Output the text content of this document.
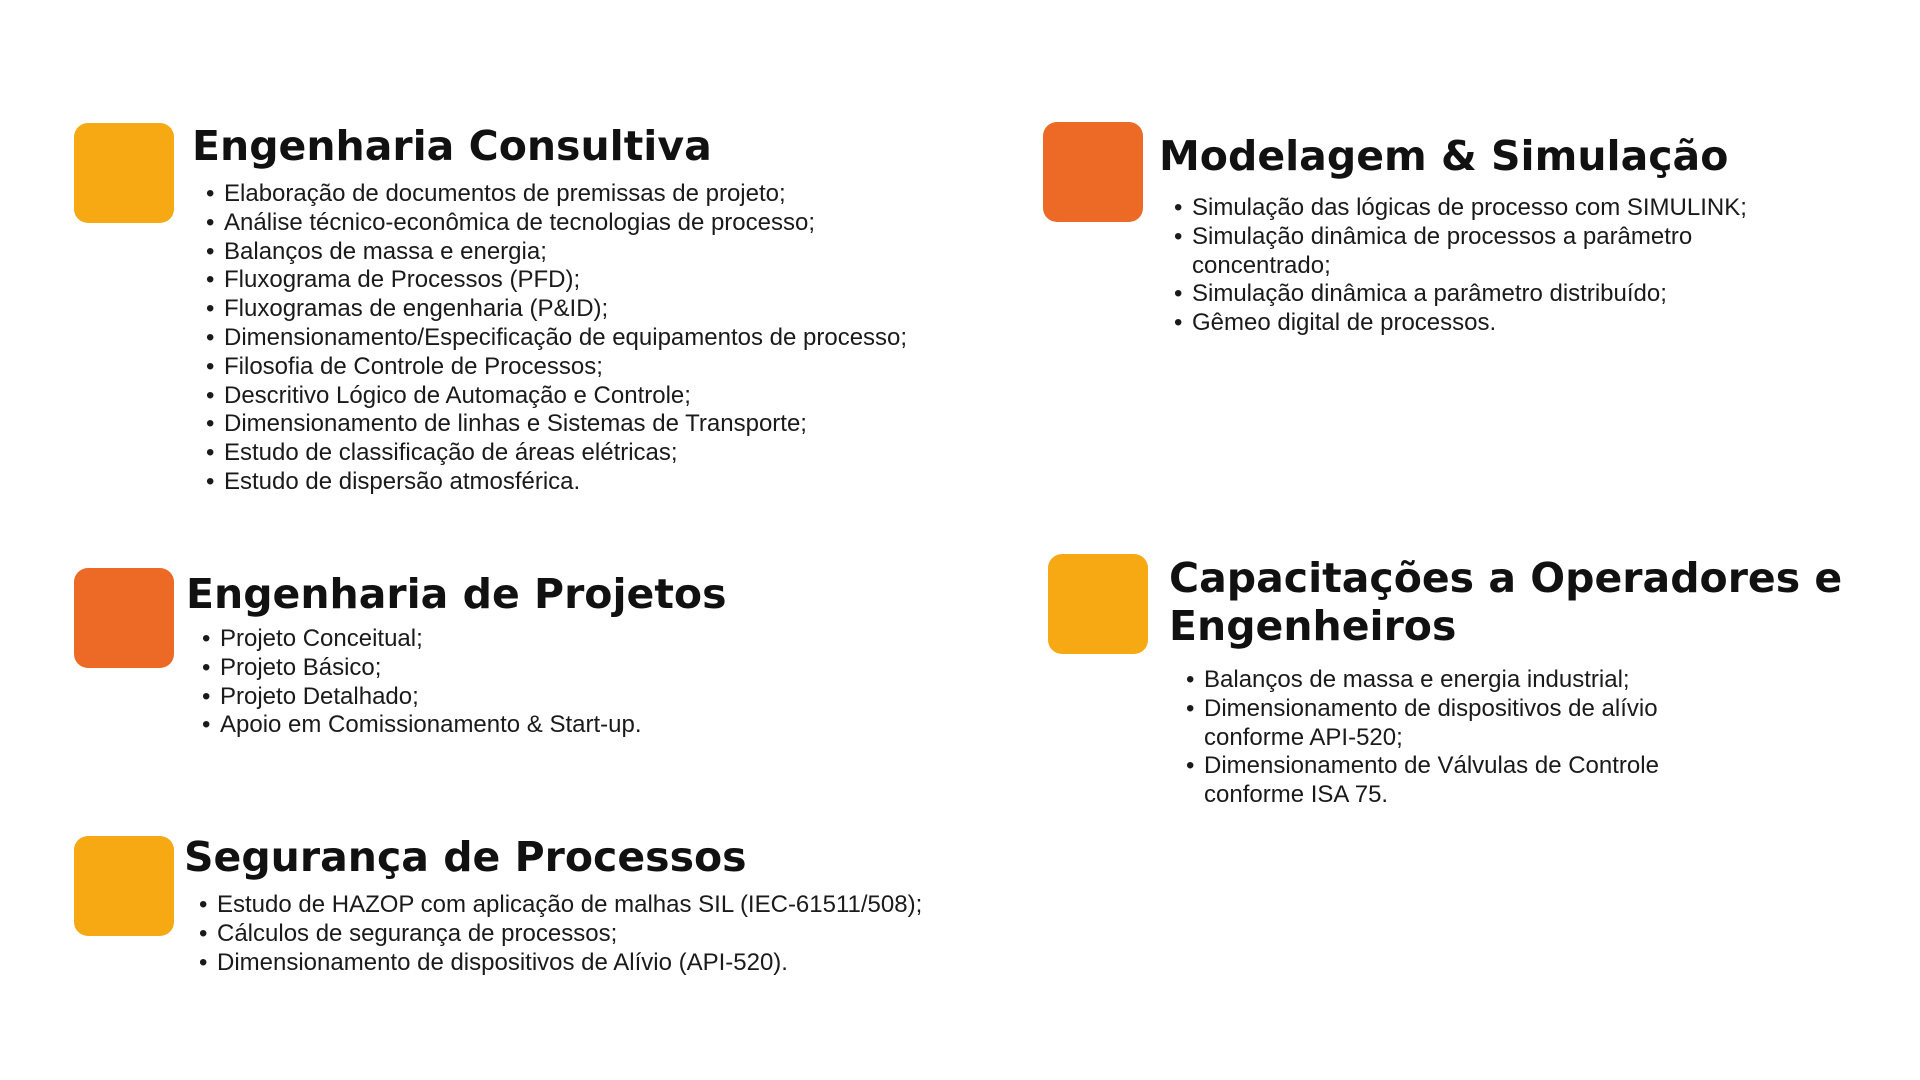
Engenharia Consultiva
• Elaboração de documentos de premissas de projeto;
• Análise técnico-econômica de tecnologias de processo;
• Balanços de massa e energia;
• Fluxograma de Processos (PFD);
• Fluxogramas de engenharia (P&ID);
• Dimensionamento/Especificação de equipamentos de processo;
• Filosofia de Controle de Processos;
• Descritivo Lógico de Automação e Controle;
• Dimensionamento de linhas e Sistemas de Transporte;
• Estudo de classificação de áreas elétricas;
• Estudo de dispersão atmosférica.
Engenharia de Projetos
• Projeto Conceitual;
• Projeto Básico;
• Projeto Detalhado;
• Apoio em Comissionamento & Start-up.
Segurança de Processos
• Estudo de HAZOP com aplicação de malhas SIL (IEC-61511/508);
• Cálculos de segurança de processos;
• Dimensionamento de dispositivos de Alívio (API-520).
Modelagem & Simulação
• Simulação das lógicas de processo com SIMULINK;
• Simulação dinâmica de processos a parâmetro concentrado;
• Simulação dinâmica a parâmetro distribuído;
• Gêmeo digital de processos.
Capacitações a Operadores e Engenheiros
• Balanços de massa e energia industrial;
• Dimensionamento de dispositivos de alívio conforme API-520;
• Dimensionamento de Válvulas de Controle conforme ISA 75.
